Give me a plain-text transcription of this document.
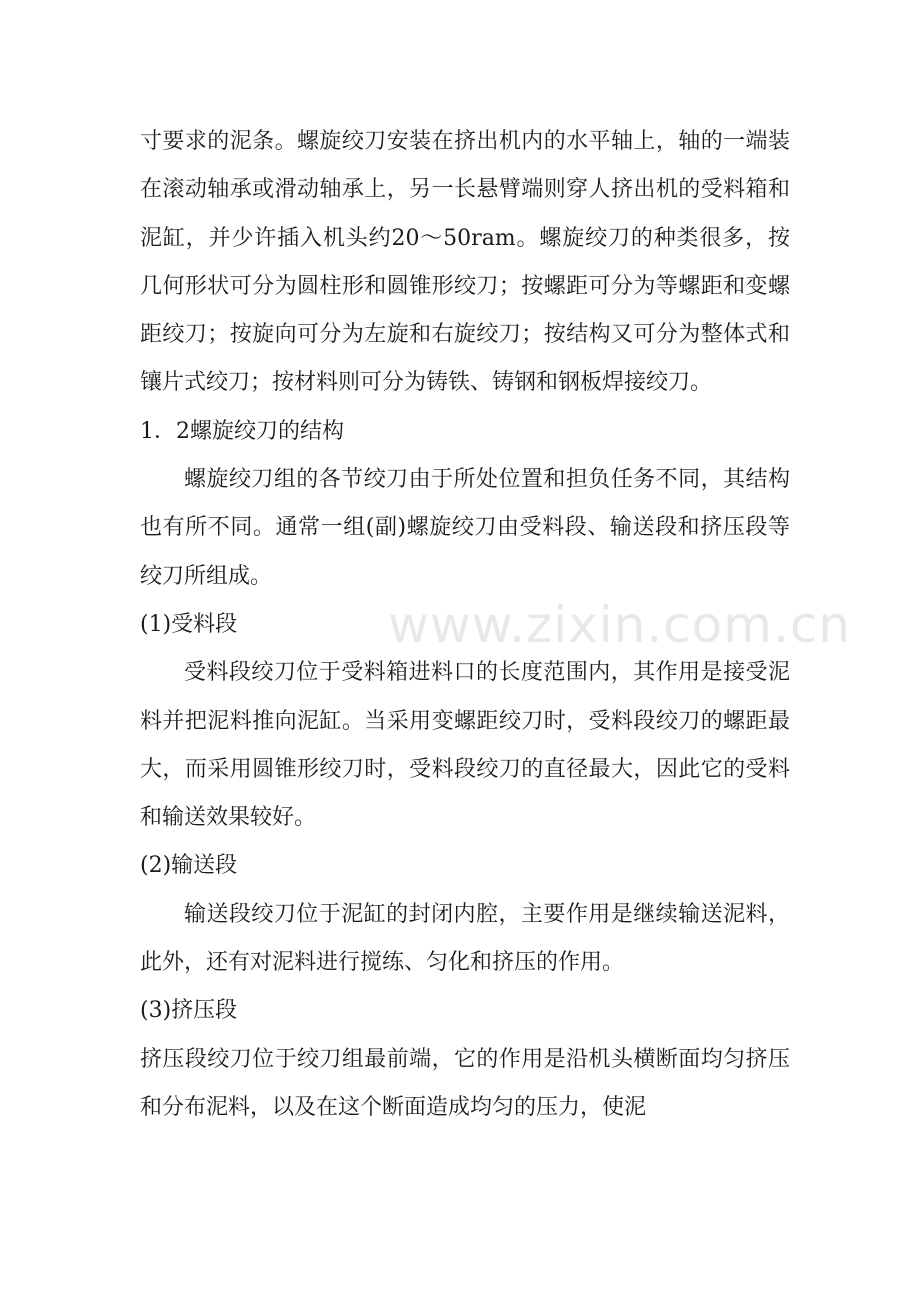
寸要求的泥条。螺旋绞刀安装在挤出机内的水平轴上，轴的一端装在滚动轴承或滑动轴承上，另一长悬臂端则穿人挤出机的受料箱和泥缸，并少许插入机头约20～50ram。螺旋绞刀的种类很多，按几何形状可分为圆柱形和圆锥形绞刀；按螺距可分为等螺距和变螺距绞刀；按旋向可分为左旋和右旋绞刀；按结构又可分为整体式和镶片式绞刀；按材料则可分为铸铁、铸钢和钢板焊接绞刀。

1．2螺旋绞刀的结构

螺旋绞刀组的各节绞刀由于所处位置和担负任务不同，其结构也有所不同。通常一组(副)螺旋绞刀由受料段、输送段和挤压段等绞刀所组成。

(1)受料段

受料段绞刀位于受料箱进料口的长度范围内，其作用是接受泥料并把泥料推向泥缸。当采用变螺距绞刀时，受料段绞刀的螺距最大，而采用圆锥形绞刀时，受料段绞刀的直径最大，因此它的受料和输送效果较好。

(2)输送段

输送段绞刀位于泥缸的封闭内腔，主要作用是继续输送泥料，此外，还有对泥料进行搅练、匀化和挤压的作用。

(3)挤压段

挤压段绞刀位于绞刀组最前端，它的作用是沿机头横断面均匀挤压和分布泥料，以及在这个断面造成均匀的压力，使泥

www.zixin.com.cn
